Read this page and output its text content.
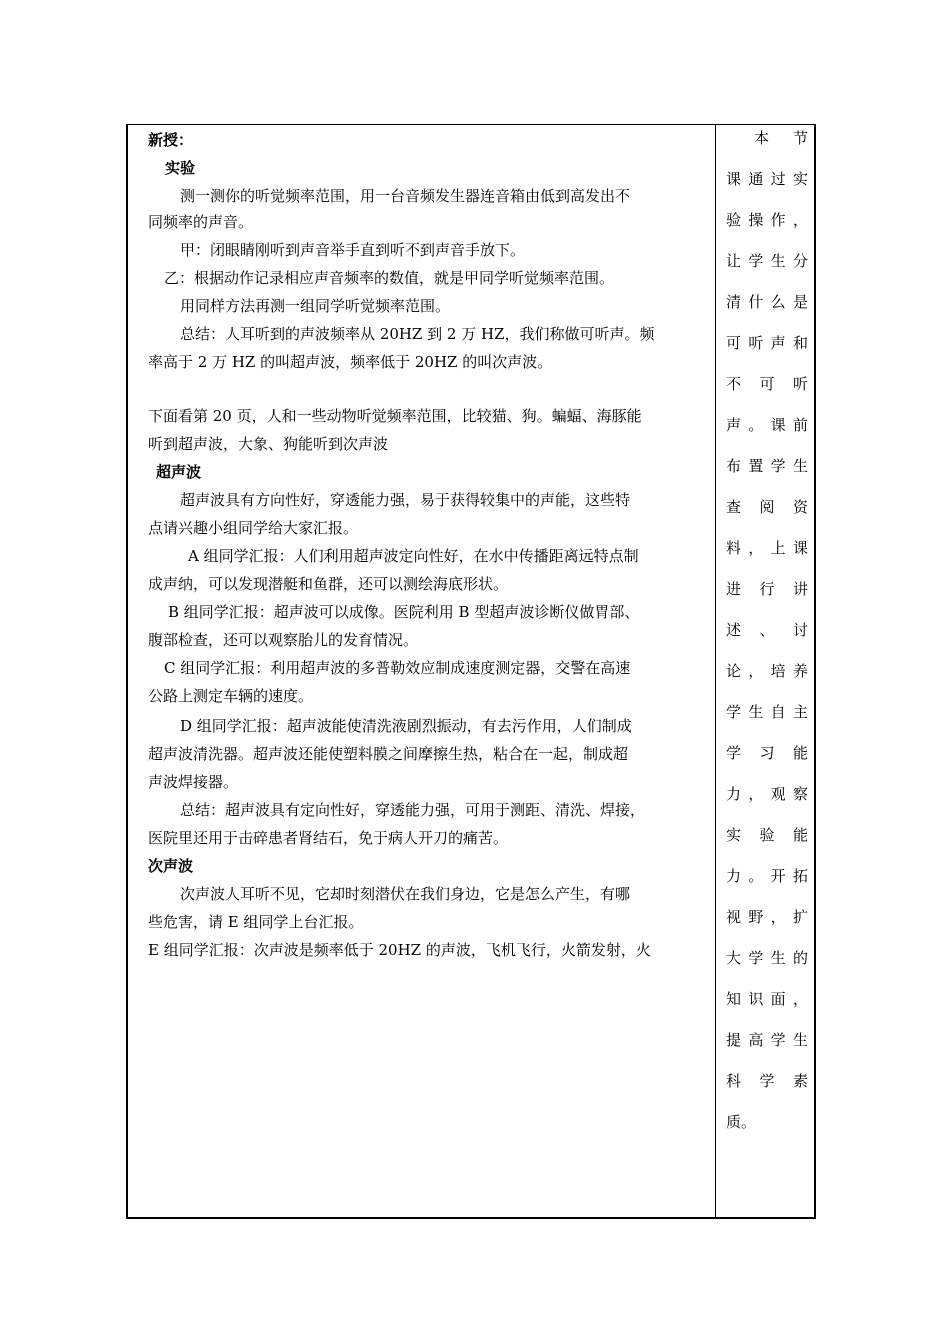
新授：
实验
测一测你的听觉频率范围，用一台音频发生器连音箱由低到高发出不
同频率的声音。
甲：闭眼睛刚听到声音举手直到听不到声音手放下。
乙：根据动作记录相应声音频率的数值，就是甲同学听觉频率范围。
用同样方法再测一组同学听觉频率范围。
总结：人耳听到的声波频率从 20HZ 到 2 万 HZ，我们称做可听声。频
率高于 2 万 HZ 的叫超声波，频率低于 20HZ 的叫次声波。
下面看第 20 页，人和一些动物听觉频率范围，比较猫、狗。蝙蝠、海豚能
听到超声波，大象、狗能听到次声波
超声波
超声波具有方向性好，穿透能力强，易于获得较集中的声能，这些特
点请兴趣小组同学给大家汇报。
A 组同学汇报：人们利用超声波定向性好，在水中传播距离远特点制
成声纳，可以发现潜艇和鱼群，还可以测绘海底形状。
B 组同学汇报：超声波可以成像。医院利用 B 型超声波诊断仪做胃部、
腹部检查，还可以观察胎儿的发育情况。
C 组同学汇报：利用超声波的多普勒效应制成速度测定器，交警在高速
公路上测定车辆的速度。
D 组同学汇报：超声波能使清洗液剧烈振动，有去污作用，人们制成
超声波清洗器。超声波还能使塑料膜之间摩擦生热，粘合在一起，制成超
声波焊接器。
总结：超声波具有定向性好，穿透能力强，可用于测距、清洗、焊接，
医院里还用于击碎患者肾结石，免于病人开刀的痛苦。
次声波
次声波人耳听不见，它却时刻潜伏在我们身边，它是怎么产生，有哪
些危害，请 E 组同学上台汇报。
E 组同学汇报：次声波是频率低于 20HZ 的声波，飞机飞行，火箭发射，火
本 节
课 通 过 实
验 操 作 ，
让 学 生 分
清 什 么 是
可 听 声 和
不 可 听
声 。 课 前
布 置 学 生
查 阅 资
料 ， 上 课
进 行 讲
述 、 讨
论 ， 培 养
学 生 自 主
学 习 能
力 ， 观 察
实 验 能
力 。 开 拓
视 野 ， 扩
大 学 生 的
知 识 面 ，
提 高 学 生
科 学 素
质。
